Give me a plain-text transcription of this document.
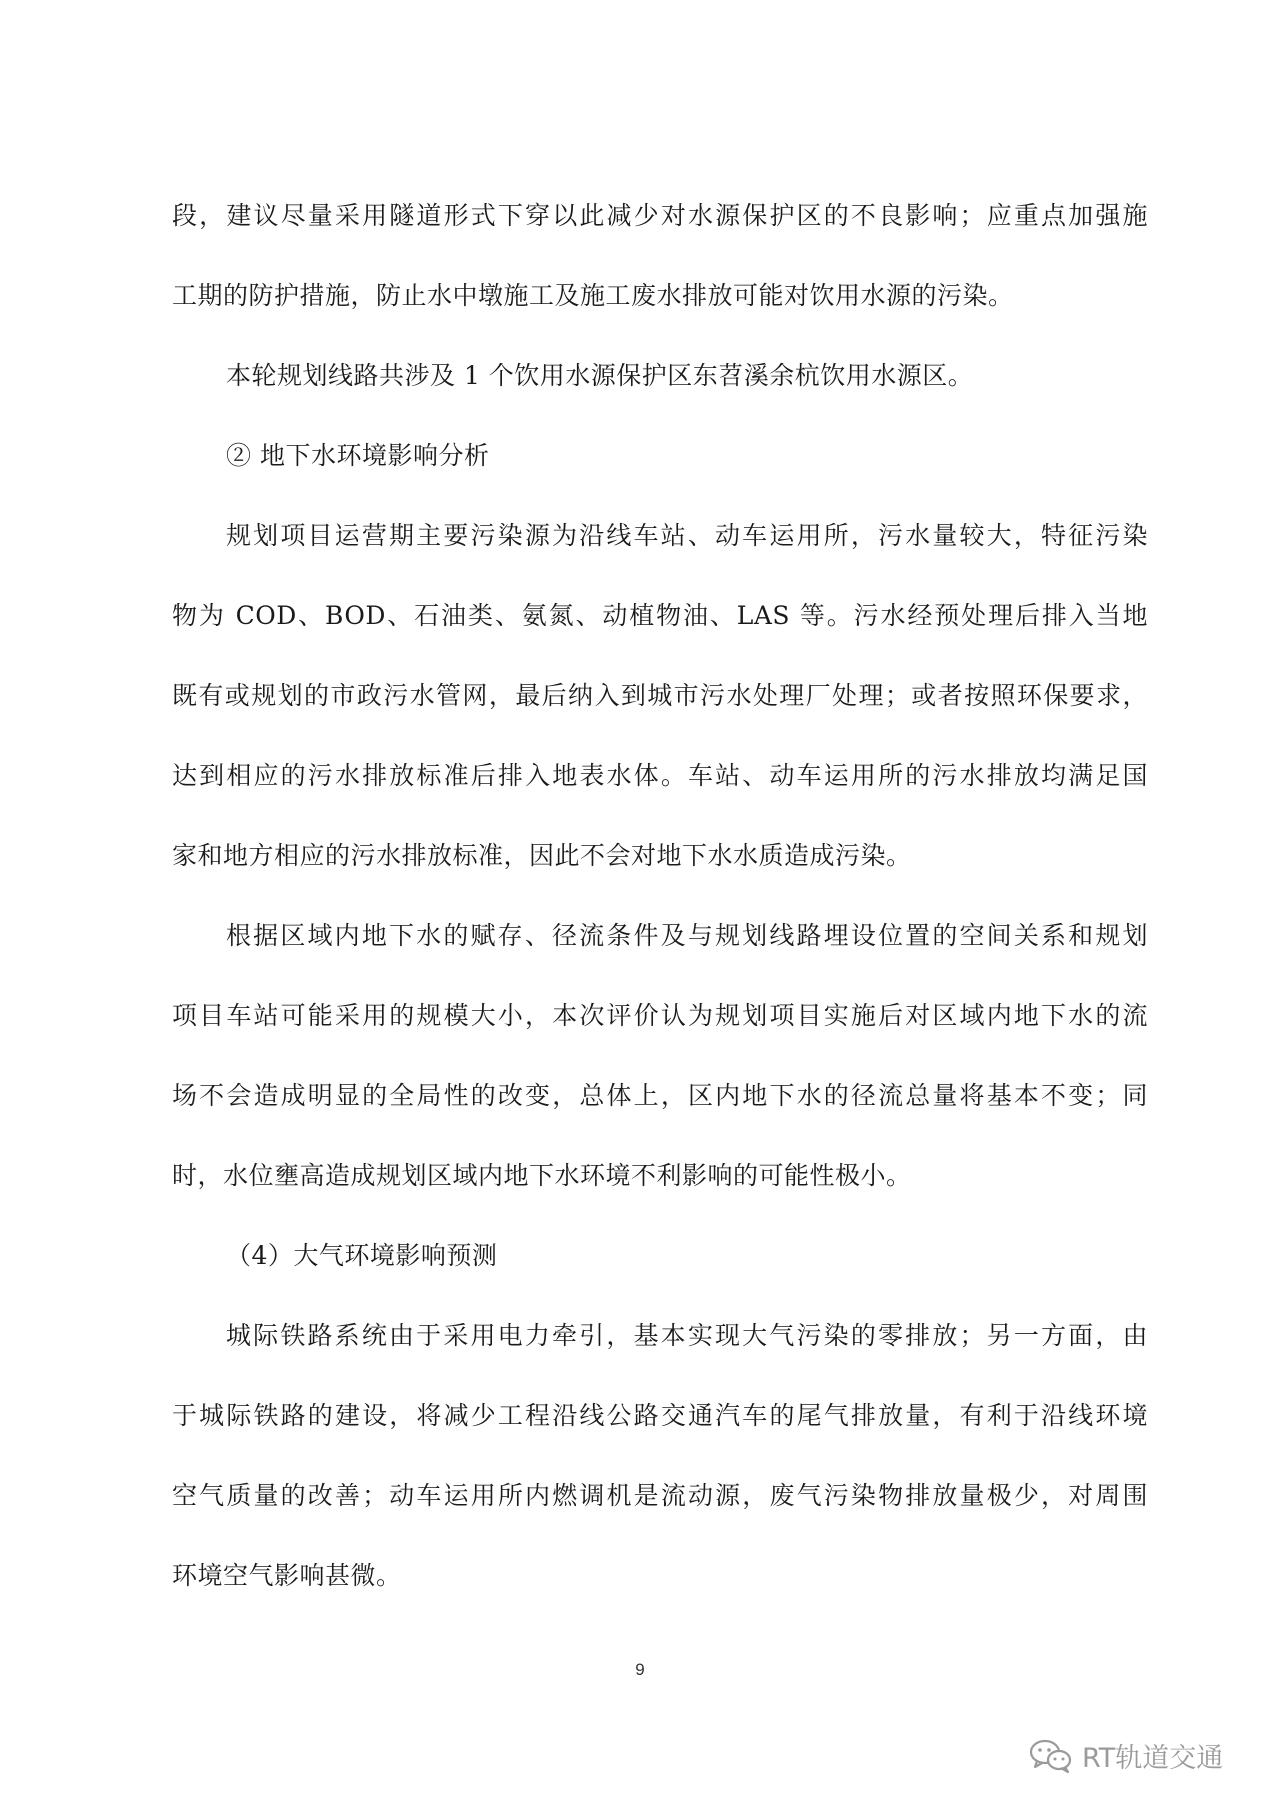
段，建议尽量采用隧道形式下穿以此减少对水源保护区的不良影响；应重点加强施
工期的防护措施，防止水中墩施工及施工废水排放可能对饮用水源的污染。
本轮规划线路共涉及 1 个饮用水源保护区东苕溪余杭饮用水源区。
② 地下水环境影响分析
规划项目运营期主要污染源为沿线车站、动车运用所，污水量较大，特征污染
物为 COD、BOD、石油类、氨氮、动植物油、LAS 等。污水经预处理后排入当地
既有或规划的市政污水管网，最后纳入到城市污水处理厂处理；或者按照环保要求，
达到相应的污水排放标准后排入地表水体。车站、动车运用所的污水排放均满足国
家和地方相应的污水排放标准，因此不会对地下水水质造成污染。
根据区域内地下水的赋存、径流条件及与规划线路埋设位置的空间关系和规划
项目车站可能采用的规模大小，本次评价认为规划项目实施后对区域内地下水的流
场不会造成明显的全局性的改变，总体上，区内地下水的径流总量将基本不变；同
时，水位壅高造成规划区域内地下水环境不利影响的可能性极小。
（4）大气环境影响预测
城际铁路系统由于采用电力牵引，基本实现大气污染的零排放；另一方面，由
于城际铁路的建设，将减少工程沿线公路交通汽车的尾气排放量，有利于沿线环境
空气质量的改善；动车运用所内燃调机是流动源，废气污染物排放量极少，对周围
环境空气影响甚微。
9
RT轨道交通
